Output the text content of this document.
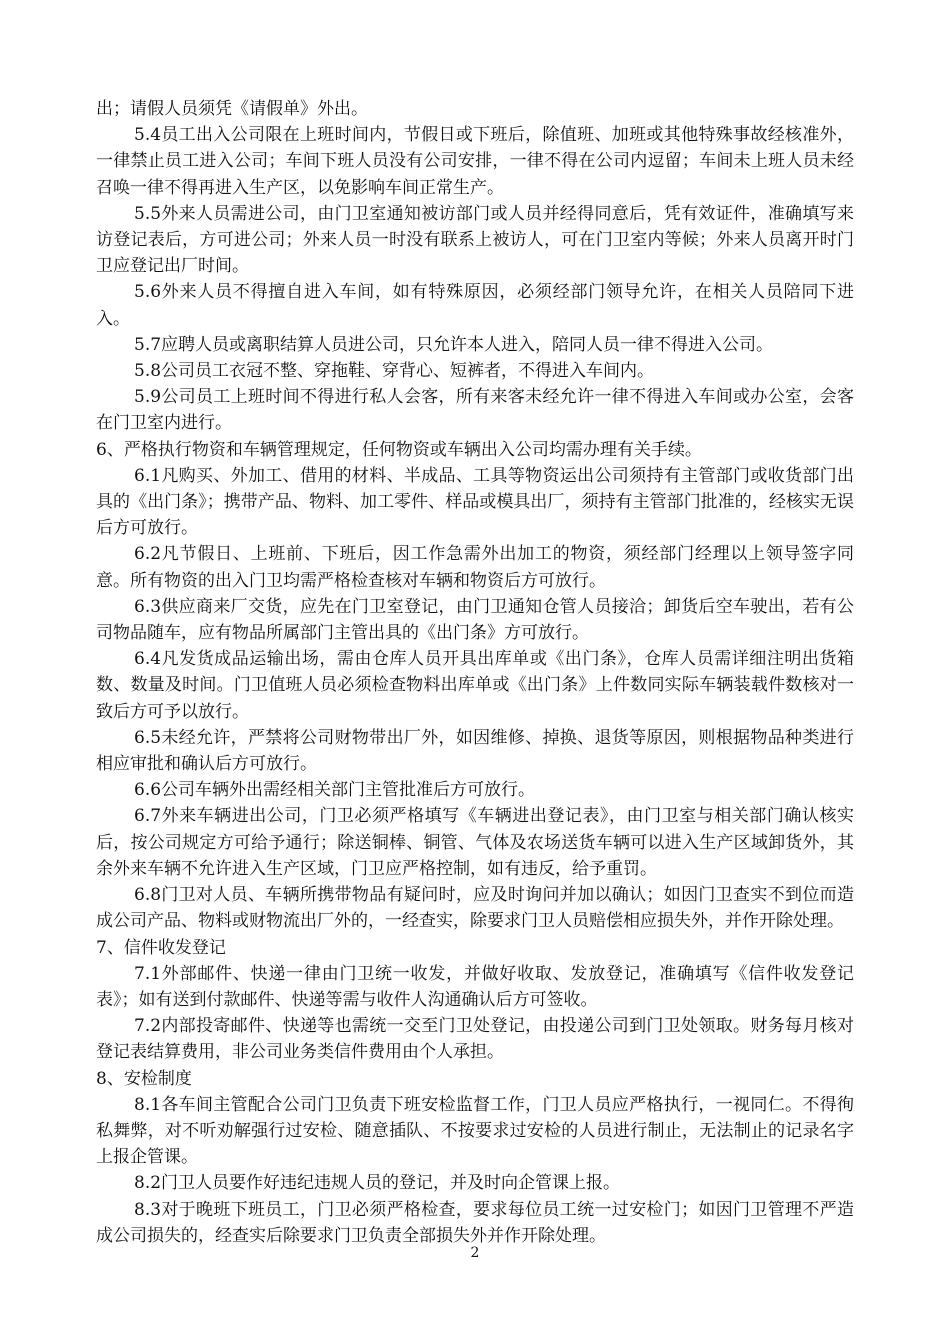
出；请假人员须凭《请假单》外出。

5.4员工出入公司限在上班时间内，节假日或下班后，除值班、加班或其他特殊事故经核准外，一律禁止员工进入公司；车间下班人员没有公司安排，一律不得在公司内逗留；车间未上班人员未经召唤一律不得再进入生产区，以免影响车间正常生产。

5.5外来人员需进公司，由门卫室通知被访部门或人员并经得同意后，凭有效证件，准确填写来访登记表后，方可进公司；外来人员一时没有联系上被访人，可在门卫室内等候；外来人员离开时门卫应登记出厂时间。

5.6外来人员不得擅自进入车间，如有特殊原因，必须经部门领导允许，在相关人员陪同下进入。

5.7应聘人员或离职结算人员进公司，只允许本人进入，陪同人员一律不得进入公司。

5.8公司员工衣冠不整、穿拖鞋、穿背心、短裤者，不得进入车间内。

5.9公司员工上班时间不得进行私人会客，所有来客未经允许一律不得进入车间或办公室，会客在门卫室内进行。

6、严格执行物资和车辆管理规定，任何物资或车辆出入公司均需办理有关手续。

6.1凡购买、外加工、借用的材料、半成品、工具等物资运出公司须持有主管部门或收货部门出具的《出门条》；携带产品、物料、加工零件、样品或模具出厂，须持有主管部门批准的，经核实无误后方可放行。

6.2凡节假日、上班前、下班后，因工作急需外出加工的物资，须经部门经理以上领导签字同意。所有物资的出入门卫均需严格检查核对车辆和物资后方可放行。

6.3供应商来厂交货，应先在门卫室登记，由门卫通知仓管人员接洽；卸货后空车驶出，若有公司物品随车，应有物品所属部门主管出具的《出门条》方可放行。

6.4凡发货成品运输出场，需由仓库人员开具出库单或《出门条》，仓库人员需详细注明出货箱数、数量及时间。门卫值班人员必须检查物料出库单或《出门条》上件数同实际车辆装载件数核对一致后方可予以放行。

6.5未经允许，严禁将公司财物带出厂外，如因维修、掉换、退货等原因，则根据物品种类进行相应审批和确认后方可放行。

6.6公司车辆外出需经相关部门主管批准后方可放行。

6.7外来车辆进出公司，门卫必须严格填写《车辆进出登记表》，由门卫室与相关部门确认核实后，按公司规定方可给予通行；除送铜棒、铜管、气体及农场送货车辆可以进入生产区域卸货外，其余外来车辆不允许进入生产区域，门卫应严格控制，如有违反，给予重罚。

6.8门卫对人员、车辆所携带物品有疑问时，应及时询问并加以确认；如因门卫查实不到位而造成公司产品、物料或财物流出厂外的，一经查实，除要求门卫人员赔偿相应损失外，并作开除处理。

7、信件收发登记

7.1外部邮件、快递一律由门卫统一收发，并做好收取、发放登记，准确填写《信件收发登记表》；如有送到付款邮件、快递等需与收件人沟通确认后方可签收。

7.2内部投寄邮件、快递等也需统一交至门卫处登记，由投递公司到门卫处领取。财务每月核对登记表结算费用，非公司业务类信件费用由个人承担。

8、安检制度

8.1各车间主管配合公司门卫负责下班安检监督工作，门卫人员应严格执行，一视同仁。不得徇私舞弊，对不听劝解强行过安检、随意插队、不按要求过安检的人员进行制止，无法制止的记录名字上报企管课。

8.2门卫人员要作好违纪违规人员的登记，并及时向企管课上报。

8.3对于晚班下班员工，门卫必须严格检查，要求每位员工统一过安检门；如因门卫管理不严造成公司损失的，经查实后除要求门卫负责全部损失外并作开除处理。

2
